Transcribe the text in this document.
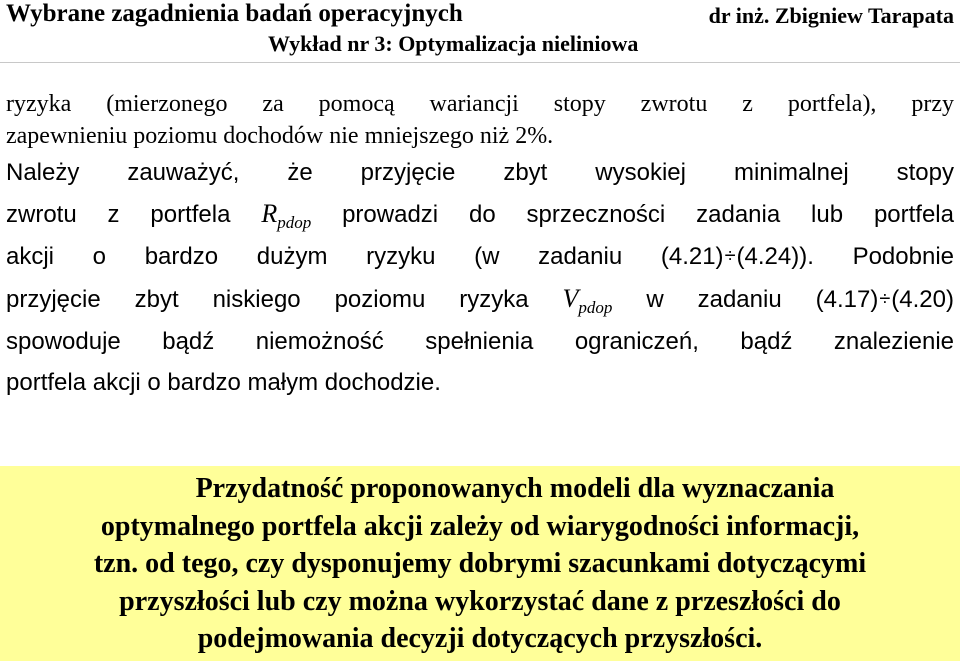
Wybrane zagadnienia badań operacyjnych	dr inż. Zbigniew Tarapata
Wykład nr 3: Optymalizacja nieliniowa
ryzyka (mierzonego za pomocą wariancji stopy zwrotu z portfela), przy
zapewnieniu poziomu dochodów nie mniejszego niż 2%.
Należy zauważyć, że przyjęcie zbyt wysokiej minimalnej stopy
zwrotu z portfela $R_{pdop}$ prowadzi do sprzeczności zadania lub portfela
akcji o bardzo dużym ryzyku (w zadaniu (4.21)÷(4.24)). Podobnie
przyjęcie zbyt niskiego poziomu ryzyka $V_{pdop}$ w zadaniu (4.17)÷(4.20)
spowoduje bądź niemożność spełnienia ograniczeń, bądź znalezienie
portfela akcji o bardzo małym dochodzie.
Przydatność proponowanych modeli dla wyznaczania
optymalnego portfela akcji zależy od wiarygodności informacji,
tzn. od tego, czy dysponujemy dobrymi szacunkami dotyczącymi
przyszłości lub czy można wykorzystać dane z przeszłości do
podejmowania decyzji dotyczących przyszłości.
